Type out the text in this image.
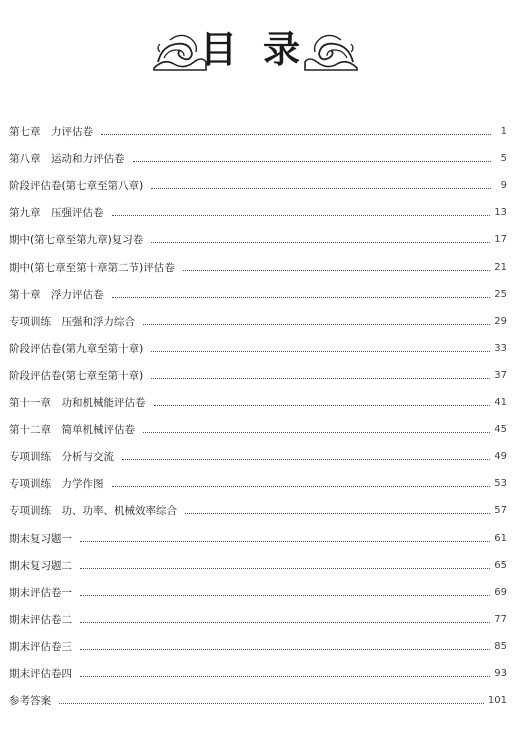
目 录
第七章　力评估卷	1
第八章　运动和力评估卷	5
阶段评估卷(第七章至第八章)	9
第九章　压强评估卷	13
期中(第七章至第九章)复习卷	17
期中(第七章至第十章第二节)评估卷	21
第十章　浮力评估卷	25
专项训练　压强和浮力综合	29
阶段评估卷(第九章至第十章)	33
阶段评估卷(第七章至第十章)	37
第十一章　功和机械能评估卷	41
第十二章　简单机械评估卷	45
专项训练　分析与交流	49
专项训练　力学作图	53
专项训练　功、功率、机械效率综合	57
期末复习题一	61
期末复习题二	65
期末评估卷一	69
期末评估卷二	77
期末评估卷三	85
期末评估卷四	93
参考答案	101
